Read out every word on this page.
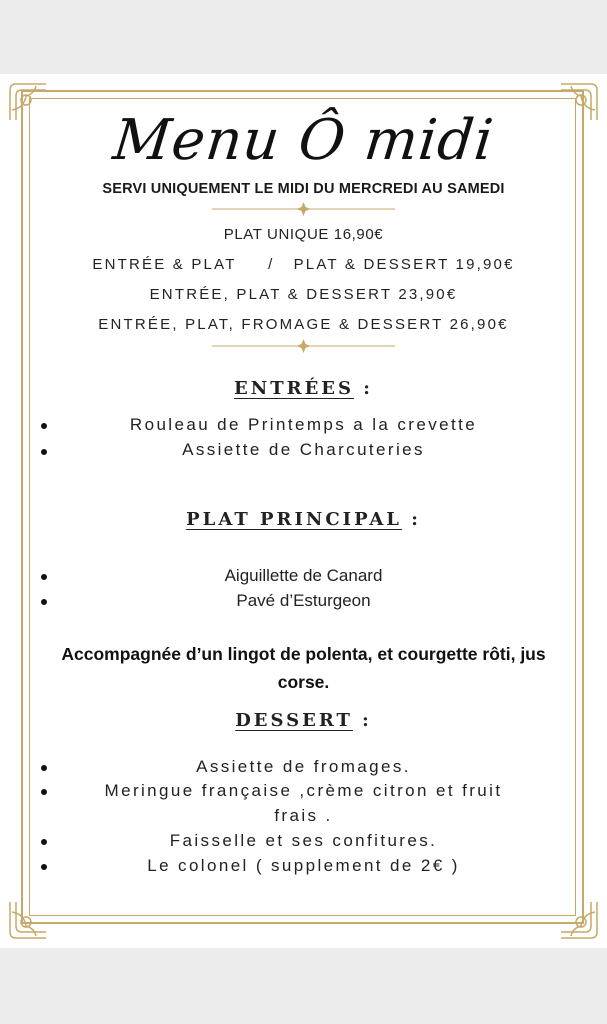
Menu Ô midi
SERVI UNIQUEMENT LE MIDI DU MERCREDI AU SAMEDI
PLAT UNIQUE 16,90€
ENTRÉE & PLAT     /   PLAT & DESSERT 19,90€
ENTRÉE, PLAT & DESSERT 23,90€
ENTRÉE, PLAT, FROMAGE & DESSERT 26,90€
ENTRÉES :
Rouleau de Printemps a la crevette
Assiette de Charcuteries
PLAT PRINCIPAL :
Aiguillette de Canard
Pavé d’Esturgeon
Accompagnée d’un lingot de polenta, et courgette rôti, jus corse.
DESSERT :
Assiette de fromages.
Meringue française ,crème citron et fruit
frais .
Faisselle et ses confitures.
Le colonel ( supplement de 2€ )
